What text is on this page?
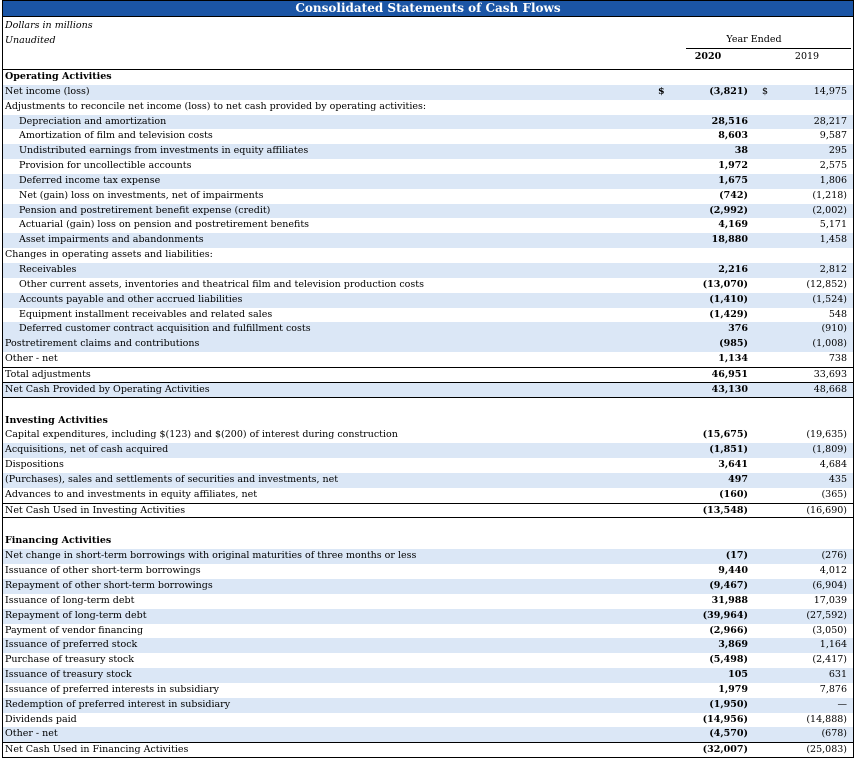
Consolidated Statements of Cash Flows
Dollars in millions
Unaudited	Year Ended
2020	2019
Operating Activities
Net income (loss)	$	(3,821) $	14,975
Adjustments to reconcile net income (loss) to net cash provided by operating activities:
Depreciation and amortization	28,516	28,217
Amortization of film and television costs	8,603	9,587
Undistributed earnings from investments in equity affiliates	38	295
Provision for uncollectible accounts	1,972	2,575
Deferred income tax expense	1,675	1,806
Net (gain) loss on investments, net of impairments	(742)	(1,218)
Pension and postretirement benefit expense (credit)	(2,992)	(2,002)
Actuarial (gain) loss on pension and postretirement benefits	4,169	5,171
Asset impairments and abandonments	18,880	1,458
Changes in operating assets and liabilities:
Receivables	2,216	2,812
Other current assets, inventories and theatrical film and television production costs	(13,070)	(12,852)
Accounts payable and other accrued liabilities	(1,410)	(1,524)
Equipment installment receivables and related sales	(1,429)	548
Deferred customer contract acquisition and fulfillment costs	376	(910)
Postretirement claims and contributions	(985)	(1,008)
Other - net	1,134	738
Total adjustments	46,951	33,693
Net Cash Provided by Operating Activities	43,130	48,668
Investing Activities
Capital expenditures, including $(123) and $(200) of interest during construction	(15,675)	(19,635)
Acquisitions, net of cash acquired	(1,851)	(1,809)
Dispositions	3,641	4,684
(Purchases), sales and settlements of securities and investments, net	497	435
Advances to and investments in equity affiliates, net	(160)	(365)
Net Cash Used in Investing Activities	(13,548)	(16,690)
Financing Activities
Net change in short-term borrowings with original maturities of three months or less	(17)	(276)
Issuance of other short-term borrowings	9,440	4,012
Repayment of other short-term borrowings	(9,467)	(6,904)
Issuance of long-term debt	31,988	17,039
Repayment of long-term debt	(39,964)	(27,592)
Payment of vendor financing	(2,966)	(3,050)
Issuance of preferred stock	3,869	1,164
Purchase of treasury stock	(5,498)	(2,417)
Issuance of treasury stock	105	631
Issuance of preferred interests in subsidiary	1,979	7,876
Redemption of preferred interest in subsidiary	(1,950)	—
Dividends paid	(14,956)	(14,888)
Other - net	(4,570)	(678)
Net Cash Used in Financing Activities	(32,007)	(25,083)
